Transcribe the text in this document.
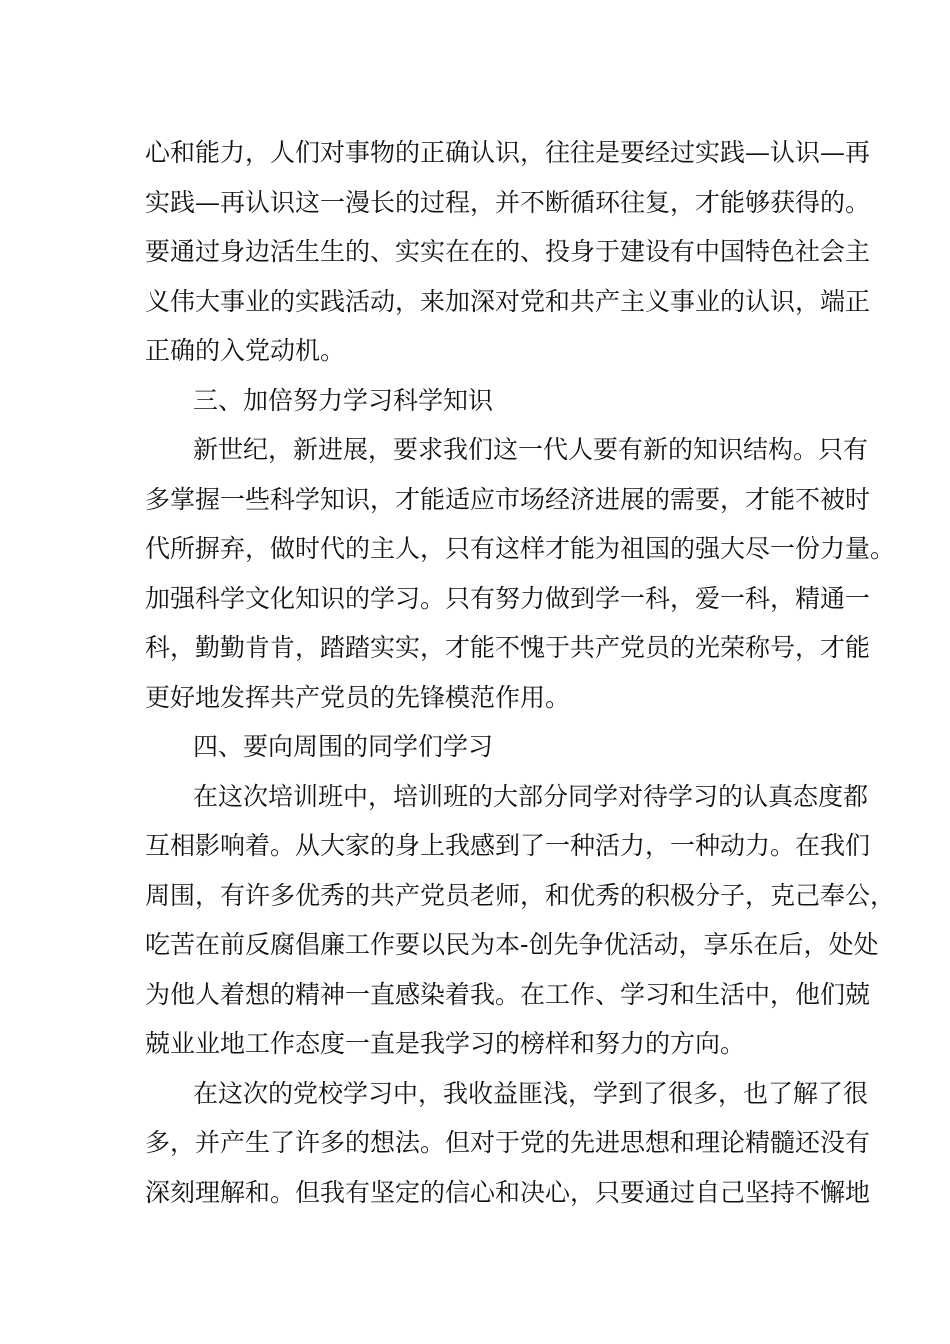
心和能力，人们对事物的正确认识，往往是要经过实践—认识—再
实践—再认识这一漫长的过程，并不断循环往复，才能够获得的。
要通过身边活生生的、实实在在的、投身于建设有中国特色社会主
义伟大事业的实践活动，来加深对党和共产主义事业的认识，端正
正确的入党动机。
三、加倍努力学习科学知识
新世纪，新进展，要求我们这一代人要有新的知识结构。只有
多掌握一些科学知识，才能适应市场经济进展的需要，才能不被时
代所摒弃，做时代的主人，只有这样才能为祖国的强大尽一份力量。
加强科学文化知识的学习。只有努力做到学一科，爱一科，精通一
科，勤勤肯肯，踏踏实实，才能不愧于共产党员的光荣称号，才能
更好地发挥共产党员的先锋模范作用。
四、要向周围的同学们学习
在这次培训班中，培训班的大部分同学对待学习的认真态度都
互相影响着。从大家的身上我感到了一种活力，一种动力。在我们
周围，有许多优秀的共产党员老师，和优秀的积极分子，克己奉公，
吃苦在前反腐倡廉工作要以民为本-创先争优活动，享乐在后，处处
为他人着想的精神一直感染着我。在工作、学习和生活中，他们兢
兢业业地工作态度一直是我学习的榜样和努力的方向。
在这次的党校学习中，我收益匪浅，学到了很多，也了解了很
多，并产生了许多的想法。但对于党的先进思想和理论精髓还没有
深刻理解和。但我有坚定的信心和决心，只要通过自己坚持不懈地
